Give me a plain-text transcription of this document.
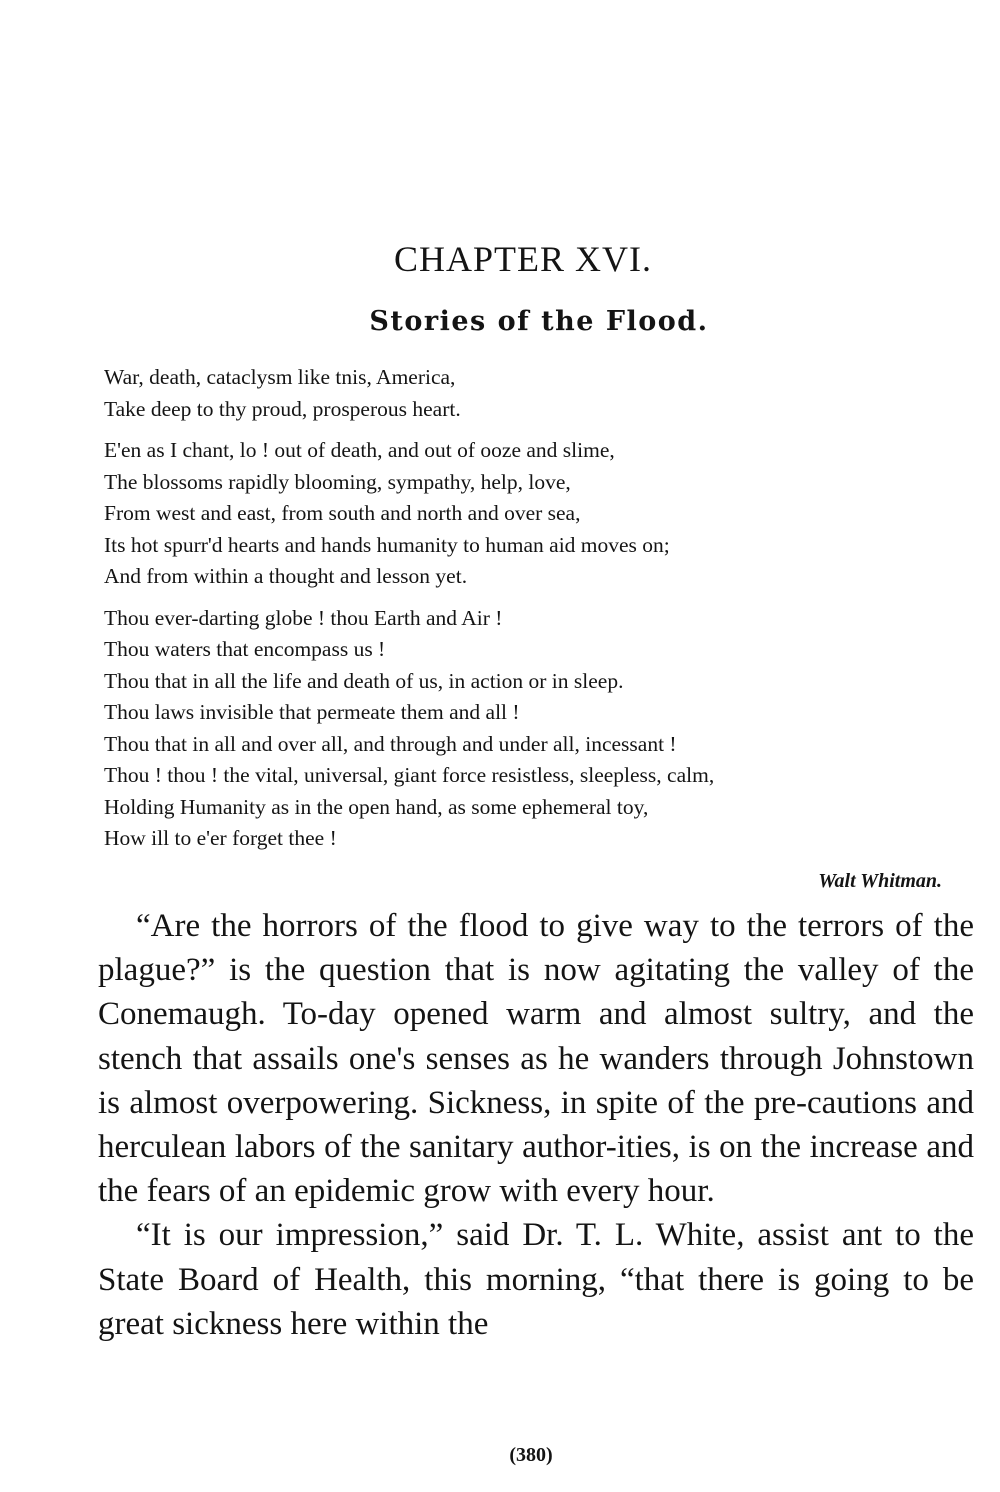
CHAPTER XVI.
Stories of the Flood.
War, death, cataclysm like tnis, America,
Take deep to thy proud, prosperous heart.
E'en as I chant, lo ! out of death, and out of ooze and slime,
The blossoms rapidly blooming, sympathy, help, love,
From west and east, from south and north and over sea,
Its hot spurr'd hearts and hands humanity to human aid moves on;
And from within a thought and lesson yet.
Thou ever-darting globe ! thou Earth and Air !
Thou waters that encompass us !
Thou that in all the life and death of us, in action or in sleep.
Thou laws invisible that permeate them and all !
Thou that in all and over all, and through and under all, incessant !
Thou ! thou ! the vital, universal, giant force resistless, sleepless, calm,
Holding Humanity as in the open hand, as some ephemeral toy,
How ill to e'er forget thee !
Walt Whitman.

“Are the horrors of the flood to give way to the terrors of the plague?” is the question that is now agitating the valley of the Conemaugh. To-day opened warm and almost sultry, and the stench that assails one's senses as he wanders through Johnstown is almost overpowering. Sickness, in spite of the pre-cautions and herculean labors of the sanitary author-ities, is on the increase and the fears of an epidemic grow with every hour.

“It is our impression,” said Dr. T. L. White, assist ant to the State Board of Health, this morning, “that there is going to be great sickness here within the

(380)
